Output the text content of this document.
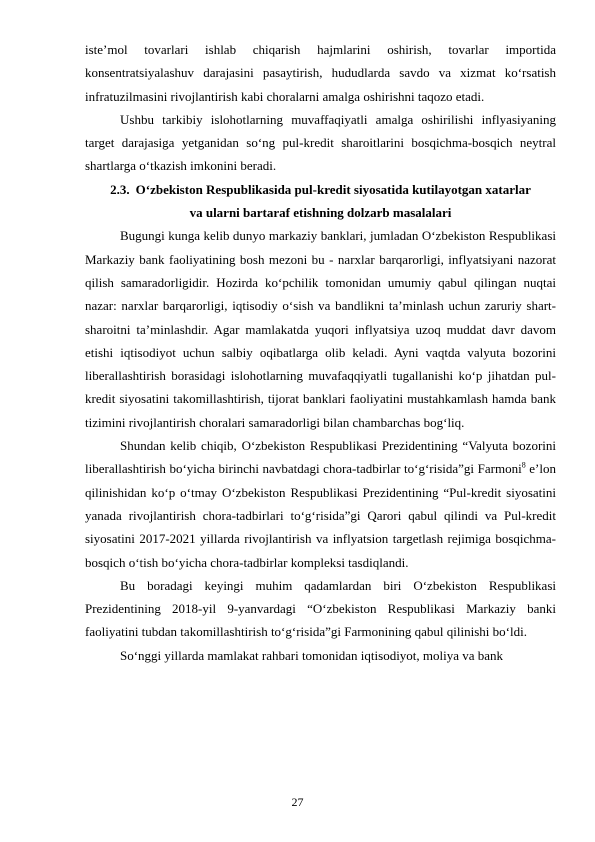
iste’mol tovarlari ishlab chiqarish hajmlarini oshirish, tovarlar importida konsentratsiyalashuv darajasini pasaytirish, hududlarda savdo va xizmat ko‘rsatish infratuzilmasini rivojlantirish kabi choralarni amalga oshirishni taqozo etadi.

Ushbu tarkibiy islohotlarning muvaffaqiyatli amalga oshirilishi inflyasiyaning target darajasiga yetganidan so‘ng pul-kredit sharoitlarini bosqichma-bosqich neytral shartlarga o‘tkazish imkonini beradi.

2.3. O‘zbekiston Respublikasida pul-kredit siyosatida kutilayotgan xatarlar
va ularni bartaraf etishning dolzarb masalalari

Bugungi kunga kelib dunyo markaziy banklari, jumladan O‘zbekiston Respublikasi Markaziy bank faoliyatining bosh mezoni bu - narxlar barqarorligi, inflyatsiyani nazorat qilish samaradorligidir. Hozirda ko‘pchilik tomonidan umumiy qabul qilingan nuqtai nazar: narxlar barqarorligi, iqtisodiy o‘sish va bandlikni ta’minlash uchun zaruriy shart-sharoitni ta’minlashdir. Agar mamlakatda yuqori inflyatsiya uzoq muddat davr davom etishi iqtisodiyot uchun salbiy oqibatlarga olib keladi. Ayni vaqtda valyuta bozorini liberallashtirish borasidagi islohotlarning muvafaqqiyatli tugallanishi ko‘p jihatdan pul-kredit siyosatini takomillashtirish, tijorat banklari faoliyatini mustahkamlash hamda bank tizimini rivojlantirish choralari samaradorligi bilan chambarchas bog‘liq.

Shundan kelib chiqib, O‘zbekiston Respublikasi Prezidentining “Valyuta bozorini liberallashtirish bo‘yicha birinchi navbatdagi chora-tadbirlar to‘g‘risida”gi Farmoni$^8$ e’lon qilinishidan ko‘p o‘tmay O‘zbekiston Respublikasi Prezidentining “Pul-kredit siyosatini yanada rivojlantirish chora-tadbirlari to‘g‘risida”gi Qarori qabul qilindi va Pul-kredit siyosatini 2017-2021 yillarda rivojlantirish va inflyatsion targetlash rejimiga bosqichma-bosqich o‘tish bo‘yicha chora-tadbirlar kompleksi tasdiqlandi.

Bu boradagi keyingi muhim qadamlardan biri O‘zbekiston Respublikasi Prezidentining 2018-yil 9-yanvardagi “O‘zbekiston Respublikasi Markaziy banki faoliyatini tubdan takomillashtirish to‘g‘risida”gi Farmonining qabul qilinishi bo‘ldi.

So‘nggi yillarda mamlakat rahbari tomonidan iqtisodiyot, moliya va bank

27
